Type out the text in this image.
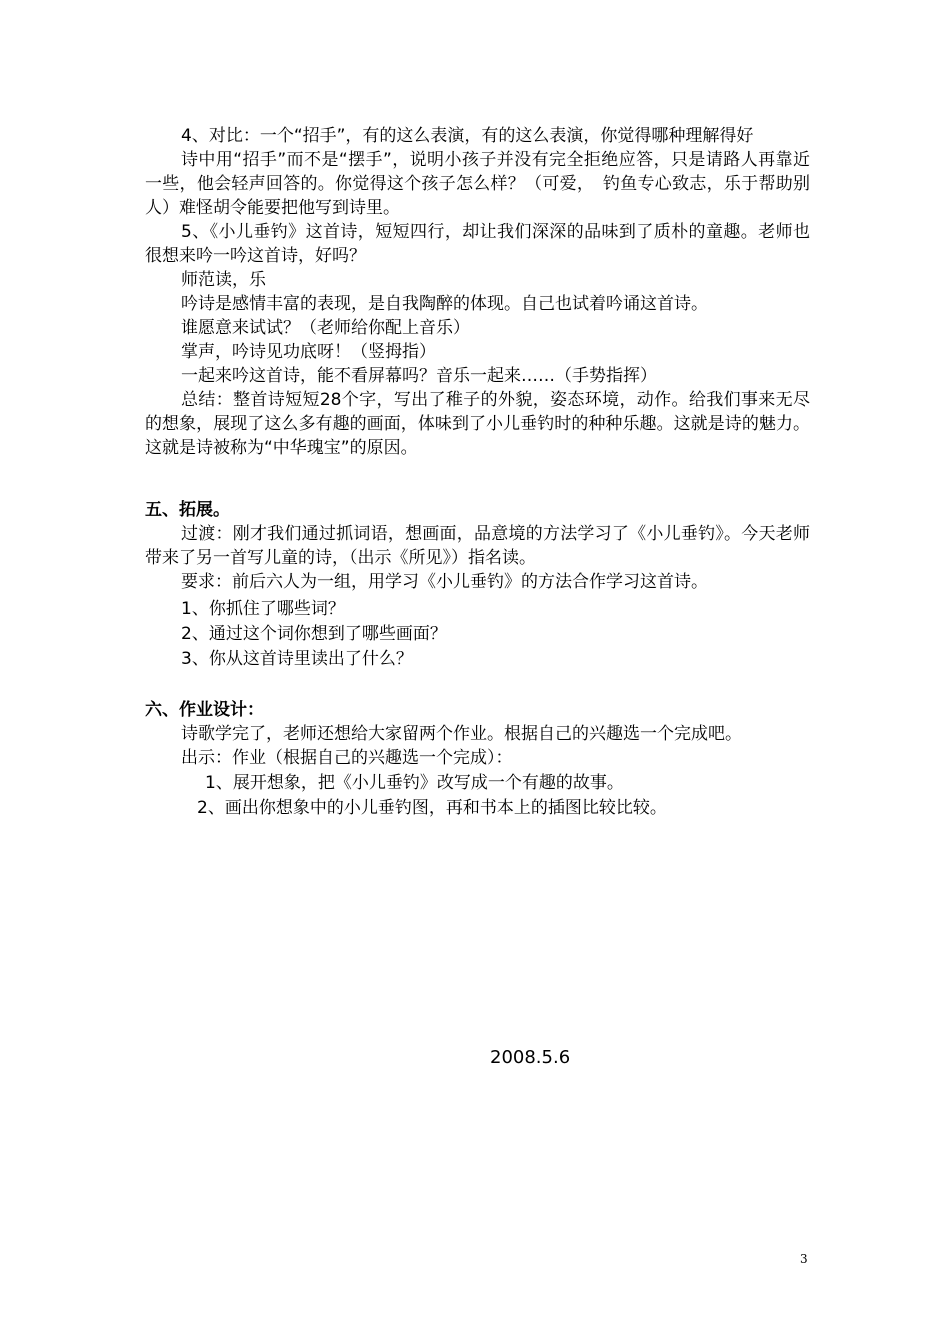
4、对比：一个“招手”，有的这么表演，有的这么表演，你觉得哪种理解得好

诗中用“招手”而不是“摆手”，说明小孩子并没有完全拒绝应答，只是请路人再靠近一些，他会轻声回答的。你觉得这个孩子怎么样？（可爱，　钓鱼专心致志，乐于帮助别人）难怪胡令能要把他写到诗里。

5、《小儿垂钓》这首诗，短短四行，却让我们深深的品味到了质朴的童趣。老师也很想来吟一吟这首诗，好吗？

师范读，乐

吟诗是感情丰富的表现，是自我陶醉的体现。自己也试着吟诵这首诗。

谁愿意来试试？（老师给你配上音乐）

掌声，吟诗见功底呀！（竖拇指）

一起来吟这首诗，能不看屏幕吗？音乐一起来……（手势指挥）

总结：整首诗短短28个字，写出了稚子的外貌，姿态环境，动作。给我们事来无尽的想象，展现了这么多有趣的画面，体味到了小儿垂钓时的种种乐趣。这就是诗的魅力。这就是诗被称为“中华瑰宝”的原因。

五、拓展。

过渡：刚才我们通过抓词语，想画面，品意境的方法学习了《小儿垂钓》。今天老师带来了另一首写儿童的诗，（出示《所见》）指名读。

要求：前后六人为一组，用学习《小儿垂钓》的方法合作学习这首诗。

1、你抓住了哪些词？
2、通过这个词你想到了哪些画面？
3、你从这首诗里读出了什么？
六、作业设计：
诗歌学完了，老师还想给大家留两个作业。根据自己的兴趣选一个完成吧。
出示：作业（根据自己的兴趣选一个完成）：
1、展开想象，把《小儿垂钓》改写成一个有趣的故事。
2、画出你想象中的小儿垂钓图，再和书本上的插图比较比较。
2008.5.6
3
